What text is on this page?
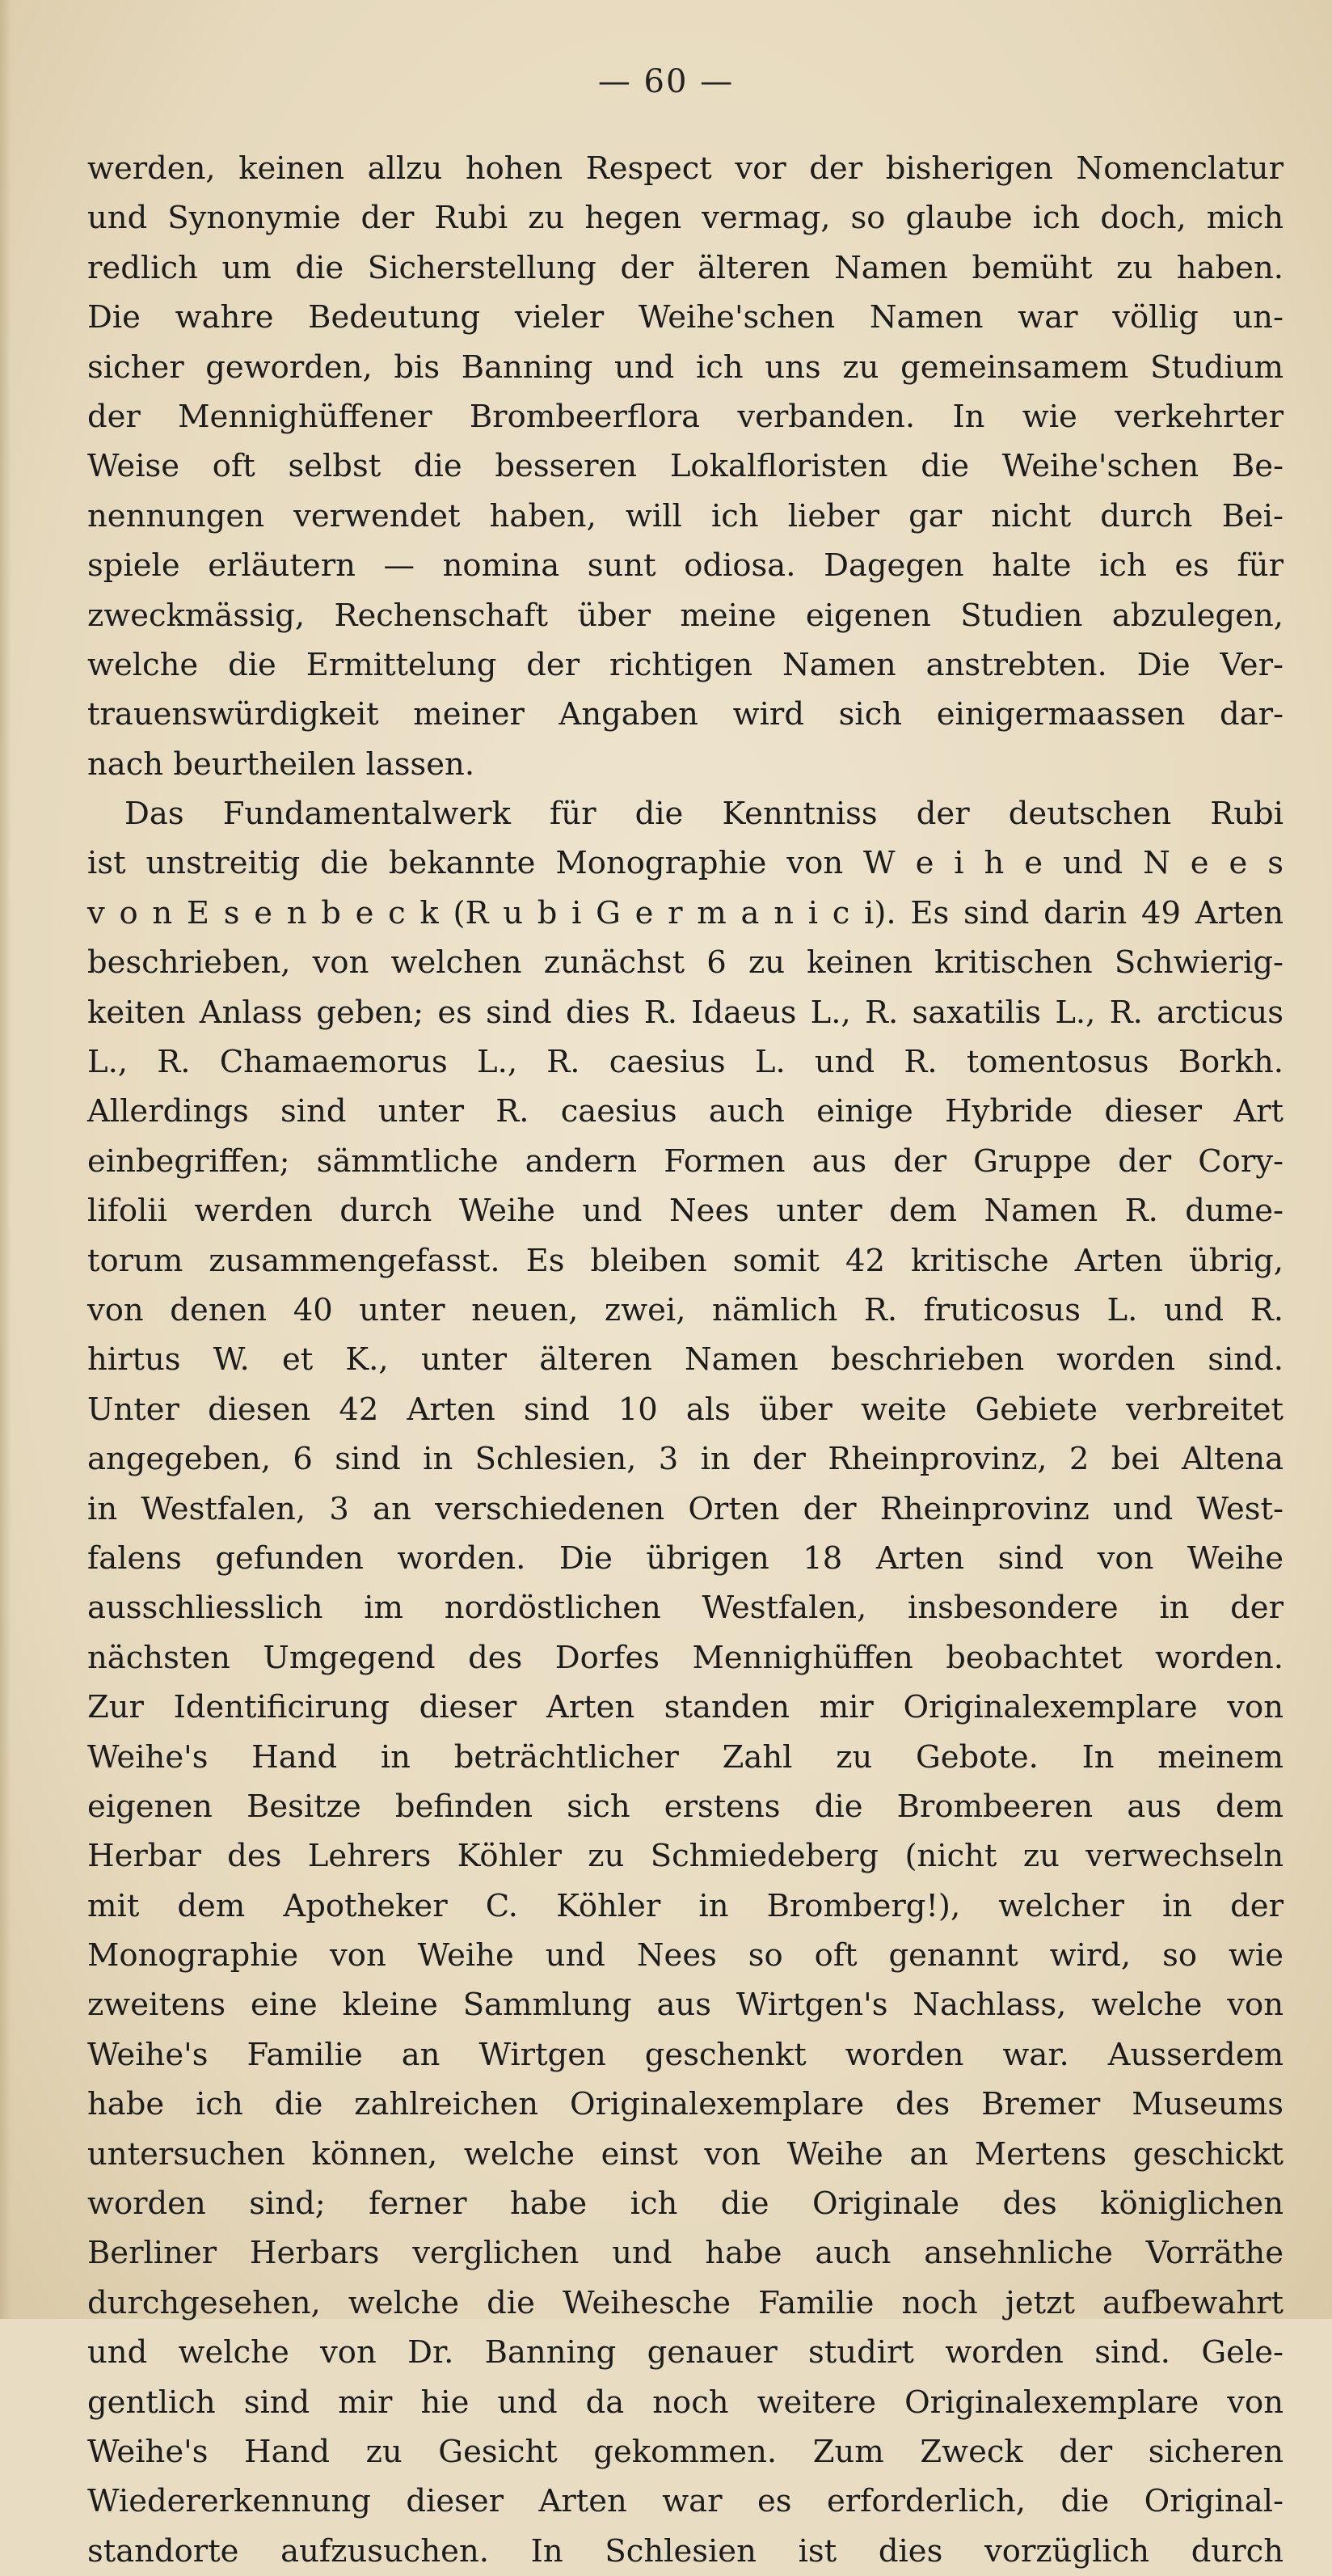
— 60 —
werden, keinen allzu hohen Respect vor der bisherigen Nomenclatur
und Synonymie der Rubi zu hegen vermag, so glaube ich doch, mich
redlich um die Sicherstellung der älteren Namen bemüht zu haben.
Die wahre Bedeutung vieler Weihe'schen Namen war völlig un-
sicher geworden, bis Banning und ich uns zu gemeinsamem Studium
der Mennighüffener Brombeerflora verbanden. In wie verkehrter
Weise oft selbst die besseren Lokalfloristen die Weihe'schen Be-
nennungen verwendet haben, will ich lieber gar nicht durch Bei-
spiele erläutern — nomina sunt odiosa. Dagegen halte ich es für
zweckmässig, Rechenschaft über meine eigenen Studien abzulegen,
welche die Ermittelung der richtigen Namen anstrebten. Die Ver-
trauenswürdigkeit meiner Angaben wird sich einigermaassen dar-
nach beurtheilen lassen.
Das Fundamentalwerk für die Kenntniss der deutschen Rubi
ist unstreitig die bekannte Monographie von W e i h e und N e e s
v o n E s e n b e c k (R u b i G e r m a n i c i). Es sind darin 49 Arten
beschrieben, von welchen zunächst 6 zu keinen kritischen Schwierig-
keiten Anlass geben; es sind dies R. Idaeus L., R. saxatilis L., R. arcticus
L., R. Chamaemorus L., R. caesius L. und R. tomentosus Borkh.
Allerdings sind unter R. caesius auch einige Hybride dieser Art
einbegriffen; sämmtliche andern Formen aus der Gruppe der Cory-
lifolii werden durch Weihe und Nees unter dem Namen R. dume-
torum zusammengefasst. Es bleiben somit 42 kritische Arten übrig,
von denen 40 unter neuen, zwei, nämlich R. fruticosus L. und R.
hirtus W. et K., unter älteren Namen beschrieben worden sind.
Unter diesen 42 Arten sind 10 als über weite Gebiete verbreitet
angegeben, 6 sind in Schlesien, 3 in der Rheinprovinz, 2 bei Altena
in Westfalen, 3 an verschiedenen Orten der Rheinprovinz und West-
falens gefunden worden. Die übrigen 18 Arten sind von Weihe
ausschliesslich im nordöstlichen Westfalen, insbesondere in der
nächsten Umgegend des Dorfes Mennighüffen beobachtet worden.
Zur Identificirung dieser Arten standen mir Originalexemplare von
Weihe's Hand in beträchtlicher Zahl zu Gebote. In meinem
eigenen Besitze befinden sich erstens die Brombeeren aus dem
Herbar des Lehrers Köhler zu Schmiedeberg (nicht zu verwechseln
mit dem Apotheker C. Köhler in Bromberg!), welcher in der
Monographie von Weihe und Nees so oft genannt wird, so wie
zweitens eine kleine Sammlung aus Wirtgen's Nachlass, welche von
Weihe's Familie an Wirtgen geschenkt worden war. Ausserdem
habe ich die zahlreichen Originalexemplare des Bremer Museums
untersuchen können, welche einst von Weihe an Mertens geschickt
worden sind; ferner habe ich die Originale des königlichen
Berliner Herbars verglichen und habe auch ansehnliche Vorräthe
durchgesehen, welche die Weihesche Familie noch jetzt aufbewahrt
und welche von Dr. Banning genauer studirt worden sind. Gele-
gentlich sind mir hie und da noch weitere Originalexemplare von
Weihe's Hand zu Gesicht gekommen. Zum Zweck der sicheren
Wiedererkennung dieser Arten war es erforderlich, die Original-
standorte aufzusuchen. In Schlesien ist dies vorzüglich durch
